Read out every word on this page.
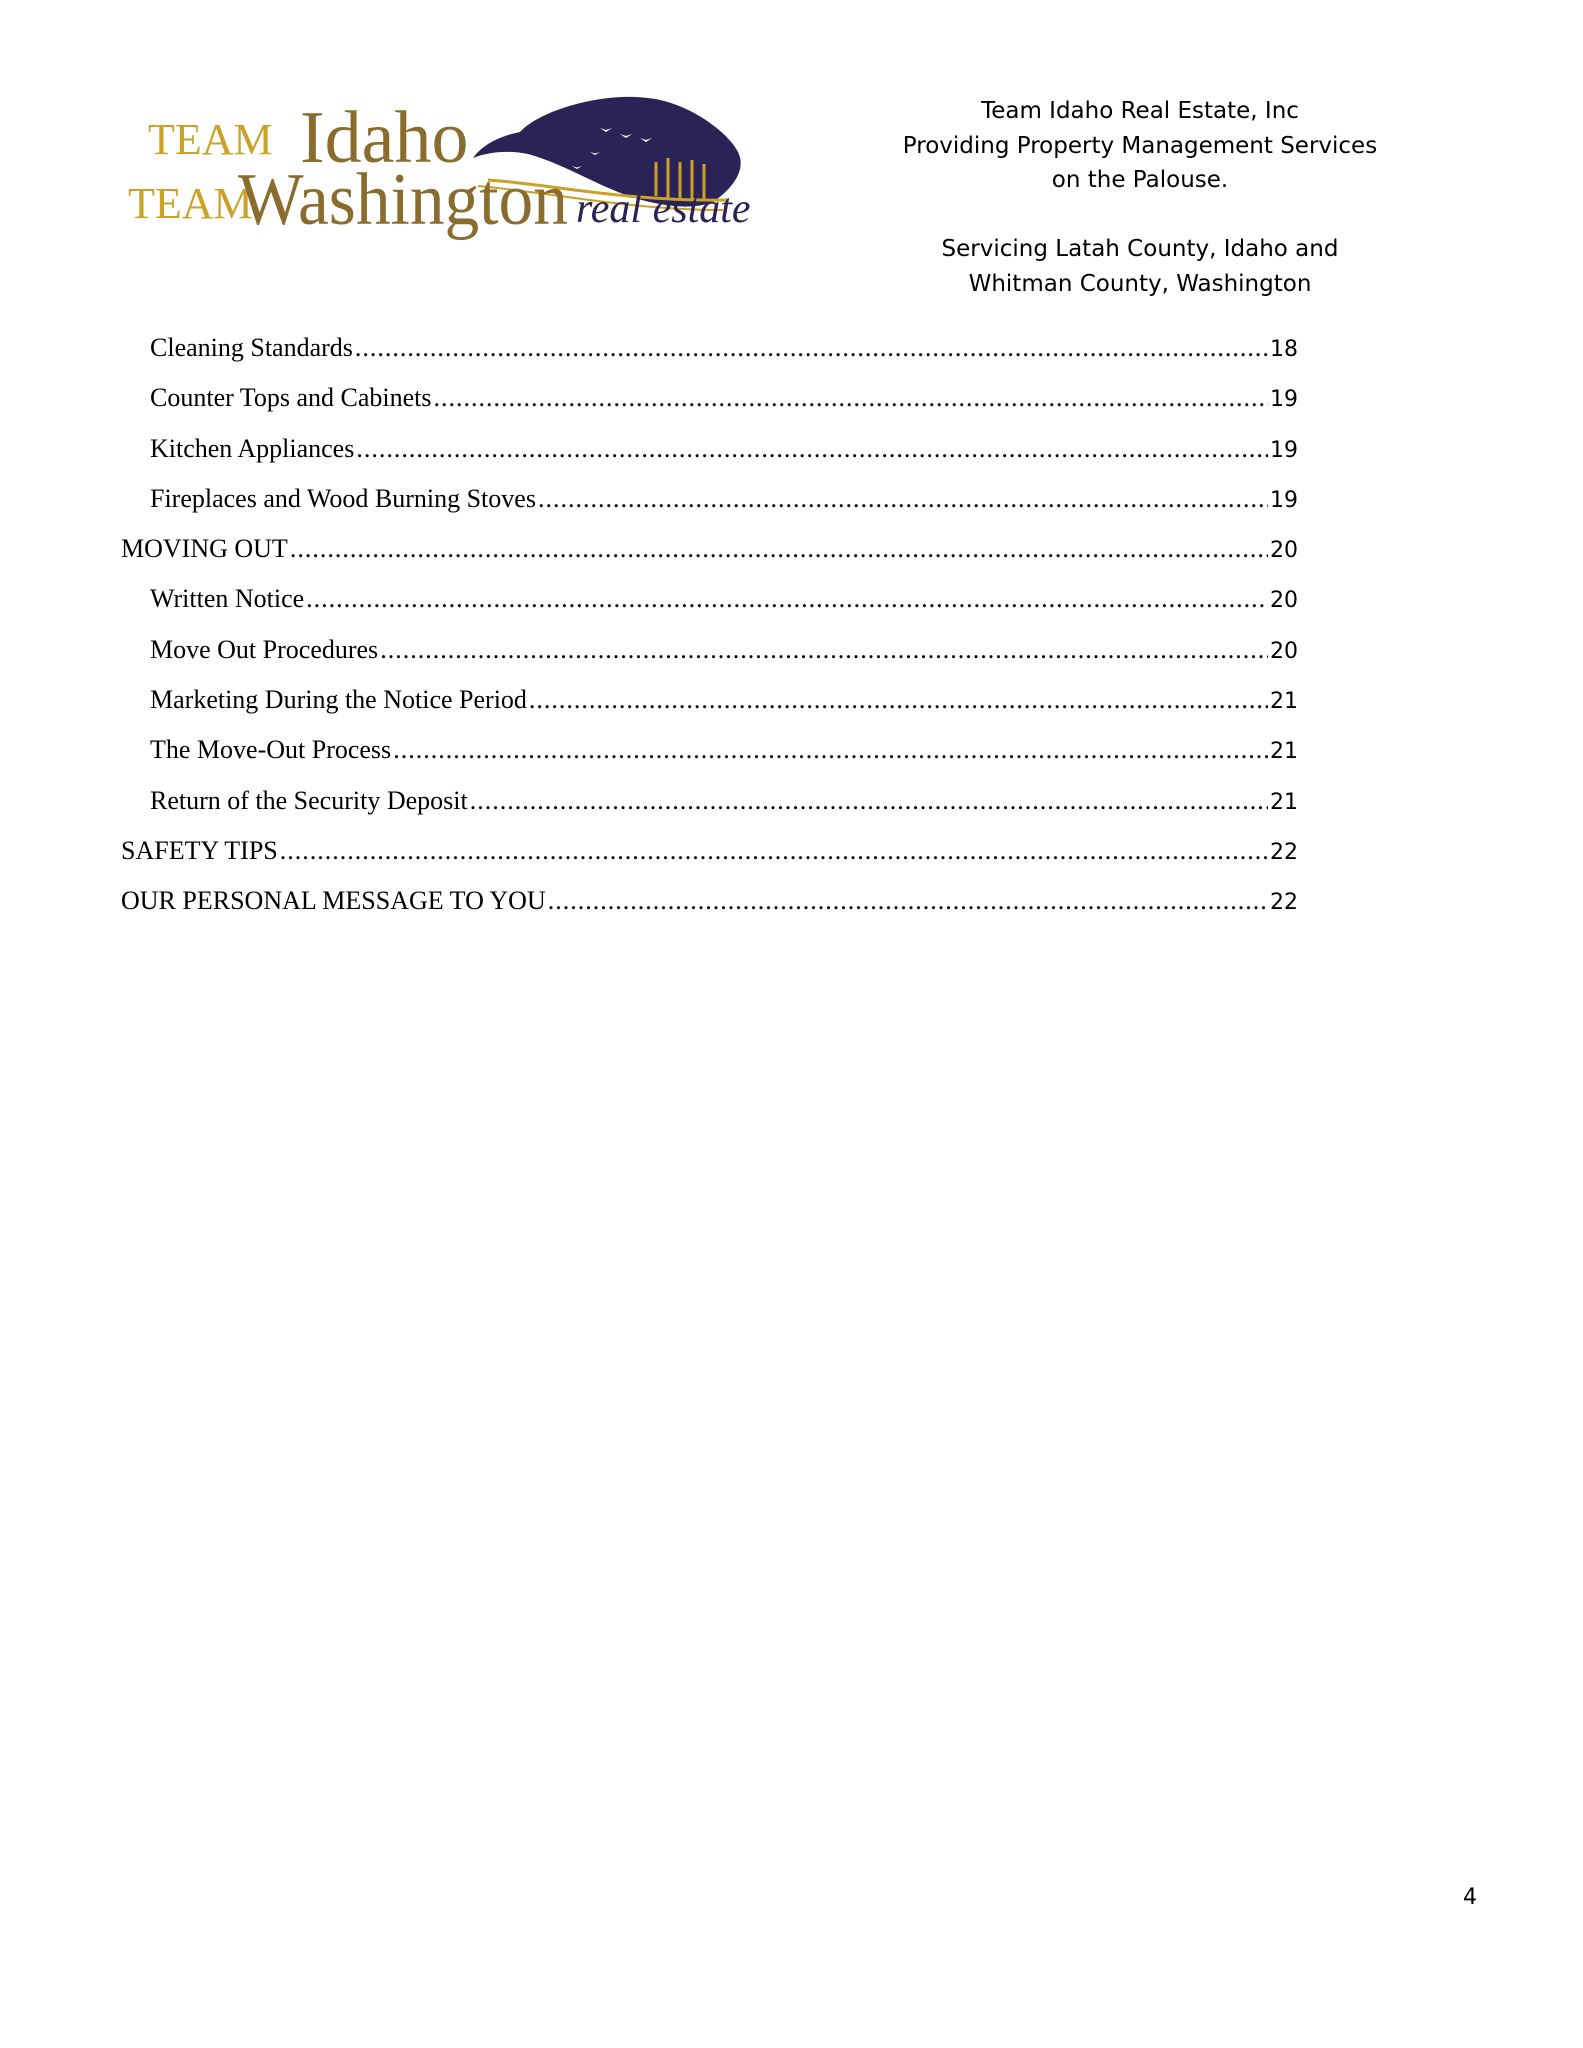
TEAM Idaho
TEAM
Washington real estate
Team Idaho Real Estate, Inc
Providing Property Management Services
on the Palouse.
Servicing Latah County, Idaho and
Whitman County, Washington
Cleaning Standards .....	18
Counter Tops and Cabinets .....	19
Kitchen Appliances .....	19
Fireplaces and Wood Burning Stoves .....	19
MOVING OUT .....	20
Written Notice .....	20
Move Out Procedures .....	20
Marketing During the Notice Period .....	21
The Move-Out Process .....	21
Return of the Security Deposit .....	21
SAFETY TIPS .....	22
OUR PERSONAL MESSAGE TO YOU .....	22
4
